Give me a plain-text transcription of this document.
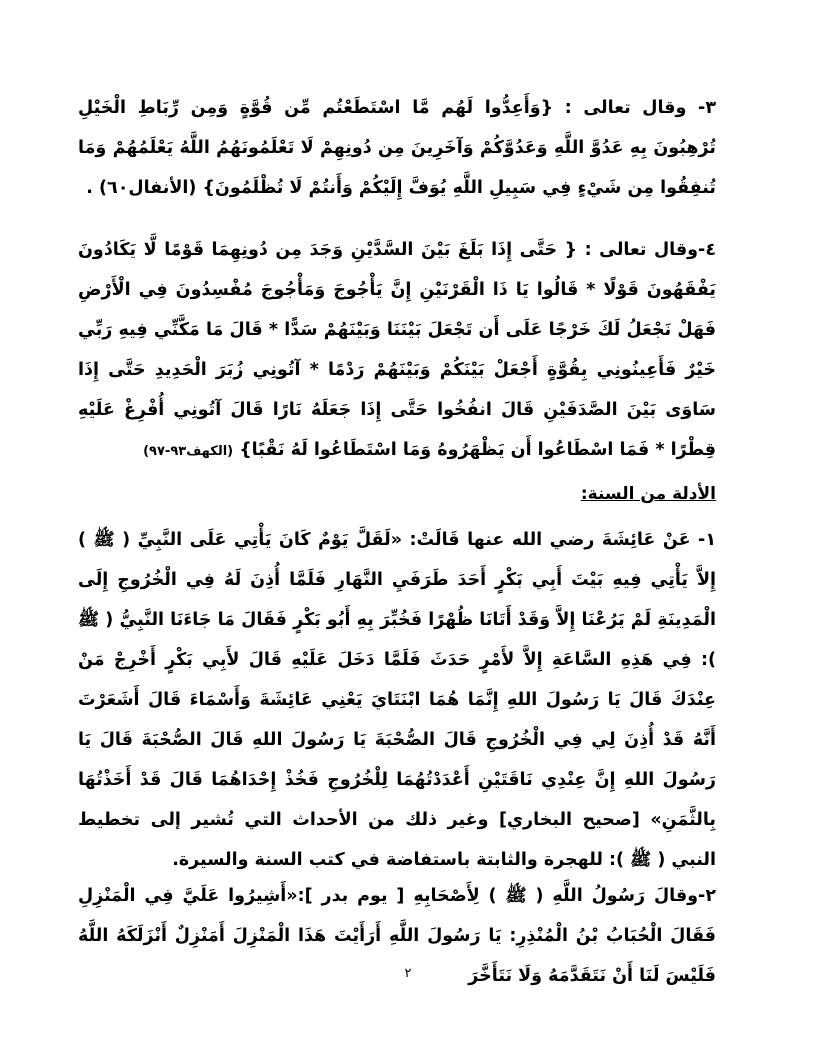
٣- وقال تعالى : {وَأَعِدُّوا لَهُم مَّا اسْتَطَعْتُم مِّن قُوَّةٍ وَمِن رِّبَاطِ الْخَيْلِ تُرْهِبُونَ بِهِ عَدُوَّ اللَّهِ وَعَدُوَّكُمْ وَآخَرِينَ مِن دُونِهِمْ لَا تَعْلَمُونَهُمُ اللَّهُ يَعْلَمُهُمْ وَمَا تُنفِقُوا مِن شَيْءٍ فِي سَبِيلِ اللَّهِ يُوَفَّ إِلَيْكُمْ وَأَنتُمْ لَا تُظْلَمُونَ} (الأنفال٦٠) .

٤-وقال تعالى : { حَتَّى إِذَا بَلَغَ بَيْنَ السَّدَّيْنِ وَجَدَ مِن دُونِهِمَا قَوْمًا لَّا يَكَادُونَ يَفْقَهُونَ قَوْلًا * قَالُوا يَا ذَا الْقَرْنَيْنِ إِنَّ يَأْجُوجَ وَمَأْجُوجَ مُفْسِدُونَ فِي الْأَرْضِ فَهَلْ نَجْعَلُ لَكَ خَرْجًا عَلَى أَن تَجْعَلَ بَيْنَنَا وَبَيْنَهُمْ سَدًّا * قَالَ مَا مَكَّنِّي فِيهِ رَبِّي خَيْرٌ فَأَعِينُونِي بِقُوَّةٍ أَجْعَلْ بَيْنَكُمْ وَبَيْنَهُمْ رَدْمًا * آتُونِي زُبَرَ الْحَدِيدِ حَتَّى إِذَا سَاوَى بَيْنَ الصَّدَفَيْنِ قَالَ انفُخُوا حَتَّى إِذَا جَعَلَهُ نَارًا قَالَ آتُونِي أُفْرِغْ عَلَيْهِ قِطْرًا * فَمَا اسْطَاعُوا أَن يَظْهَرُوهُ وَمَا اسْتَطَاعُوا لَهُ نَقْبًا} (الكهف٩٣-٩٧)

الأدلة من السنة:

١- عَنْ عَائِشَةَ رضي الله عنها قَالَتْ: «لَقَلَّ يَوْمٌ كَانَ يَأْتِي عَلَى النَّبِيِّ ( ﷺ ) إِلاَّ يَأْتِي فِيهِ بَيْتَ أَبِي بَكْرٍ أَحَدَ طَرَفَيِ النَّهَارِ فَلَمَّا أُذِنَ لَهُ فِي الْخُرُوجِ إِلَى الْمَدِينَةِ لَمْ يَرُعْنَا إِلاَّ وَقَدْ أَتَانَا ظُهْرًا فَخُبِّرَ بِهِ أَبُو بَكْرٍ فَقَالَ مَا جَاءَنَا النَّبِيُّ ( ﷺ ): فِي هَذِهِ السَّاعَةِ إِلاَّ لأَمْرٍ حَدَثَ فَلَمَّا دَخَلَ عَلَيْهِ قَالَ لأَبِي بَكْرٍ أَخْرِجْ مَنْ عِنْدَكَ قَالَ يَا رَسُولَ اللهِ إِنَّمَا هُمَا ابْنَتَايَ يَعْنِي عَائِشَةَ وَأَسْمَاءَ قَالَ أَشَعَرْتَ أَنَّهُ قَدْ أُذِنَ لِي فِي الْخُرُوجِ قَالَ الصُّحْبَةَ يَا رَسُولَ اللهِ قَالَ الصُّحْبَةَ قَالَ يَا رَسُولَ اللهِ إِنَّ عِنْدِي نَاقَتَيْنِ أَعْدَدْتُهُمَا لِلْخُرُوجِ فَخُذْ إِحْدَاهُمَا قَالَ قَدْ أَخَذْتُهَا بِالثَّمَنِ» [صحيح البخاري] وغير ذلك من الأحداث التي تُشير إلى تخطيط النبي ( ﷺ ): للهجرة والثابتة باستفاضة في كتب السنة والسيرة.

٢-وقالَ رَسُولُ اللَّهِ ( ﷺ ) لِأَصْحَابِهِ [ يوم بدر ]:«أَشِيرُوا عَلَيَّ فِي الْمَنْزِلِ فَقَالَ الْحُبَابُ بْنُ الْمُنْذِرِ: يَا رَسُولَ اللَّهِ أَرَأَيْتَ هَذَا الْمَنْزِلَ أَمَنْزِلٌ أَنْزَلَكَهُ اللَّهُ فَلَيْسَ لَنَا أَنْ نَتَقَدَّمَهُ وَلَا نَتَأَخَّرَ

٢
